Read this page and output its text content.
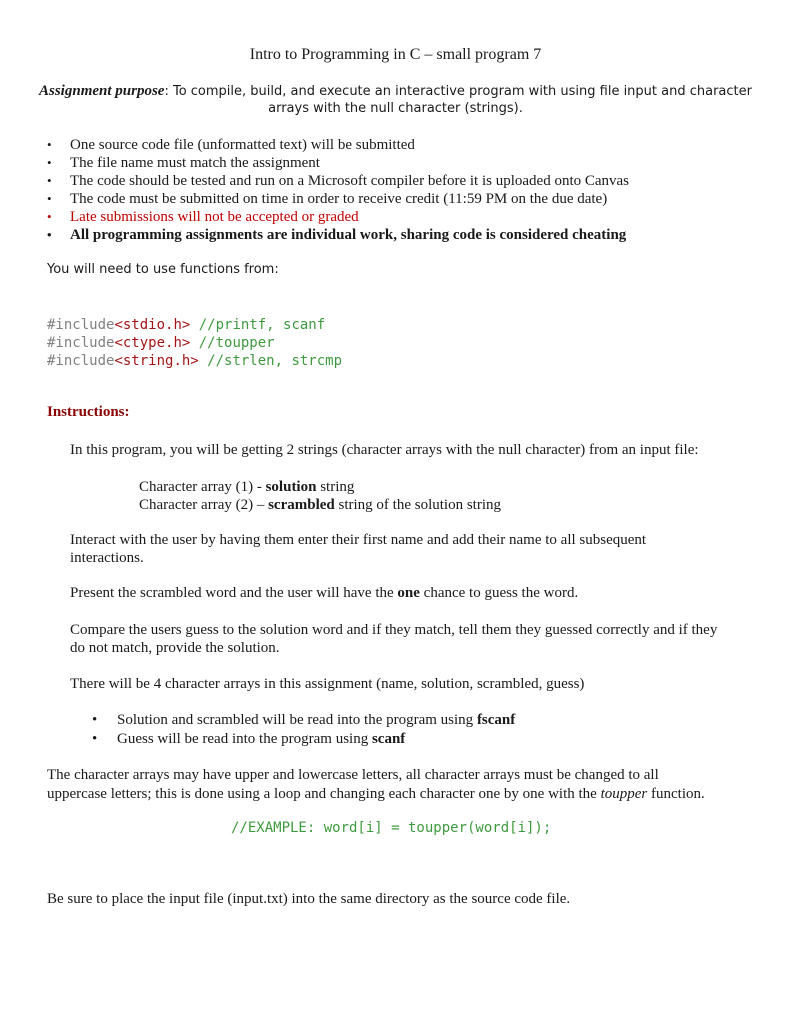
Intro to Programming in C – small program 7
Assignment purpose: To compile, build, and execute an interactive program with using file input and character
arrays with the null character (strings).
• One source code file (unformatted text) will be submitted
• The file name must match the assignment
• The code should be tested and run on a Microsoft compiler before it is uploaded onto Canvas
• The code must be submitted on time in order to receive credit (11:59 PM on the due date)
• Late submissions will not be accepted or graded
• All programming assignments are individual work, sharing code is considered cheating
You will need to use functions from:
#include<stdio.h> //printf, scanf
#include<ctype.h> //toupper
#include<string.h> //strlen, strcmp
Instructions:
In this program, you will be getting 2 strings (character arrays with the null character) from an input file:
Character array (1) - solution string
Character array (2) – scrambled string of the solution string
Interact with the user by having them enter their first name and add their name to all subsequent
interactions.
Present the scrambled word and the user will have the one chance to guess the word.
Compare the users guess to the solution word and if they match, tell them they guessed correctly and if they
do not match, provide the solution.
There will be 4 character arrays in this assignment (name, solution, scrambled, guess)
• Solution and scrambled will be read into the program using fscanf
• Guess will be read into the program using scanf
The character arrays may have upper and lowercase letters, all character arrays must be changed to all
uppercase letters; this is done using a loop and changing each character one by one with the toupper function.
//EXAMPLE: word[i] = toupper(word[i]);
Be sure to place the input file (input.txt) into the same directory as the source code file.
